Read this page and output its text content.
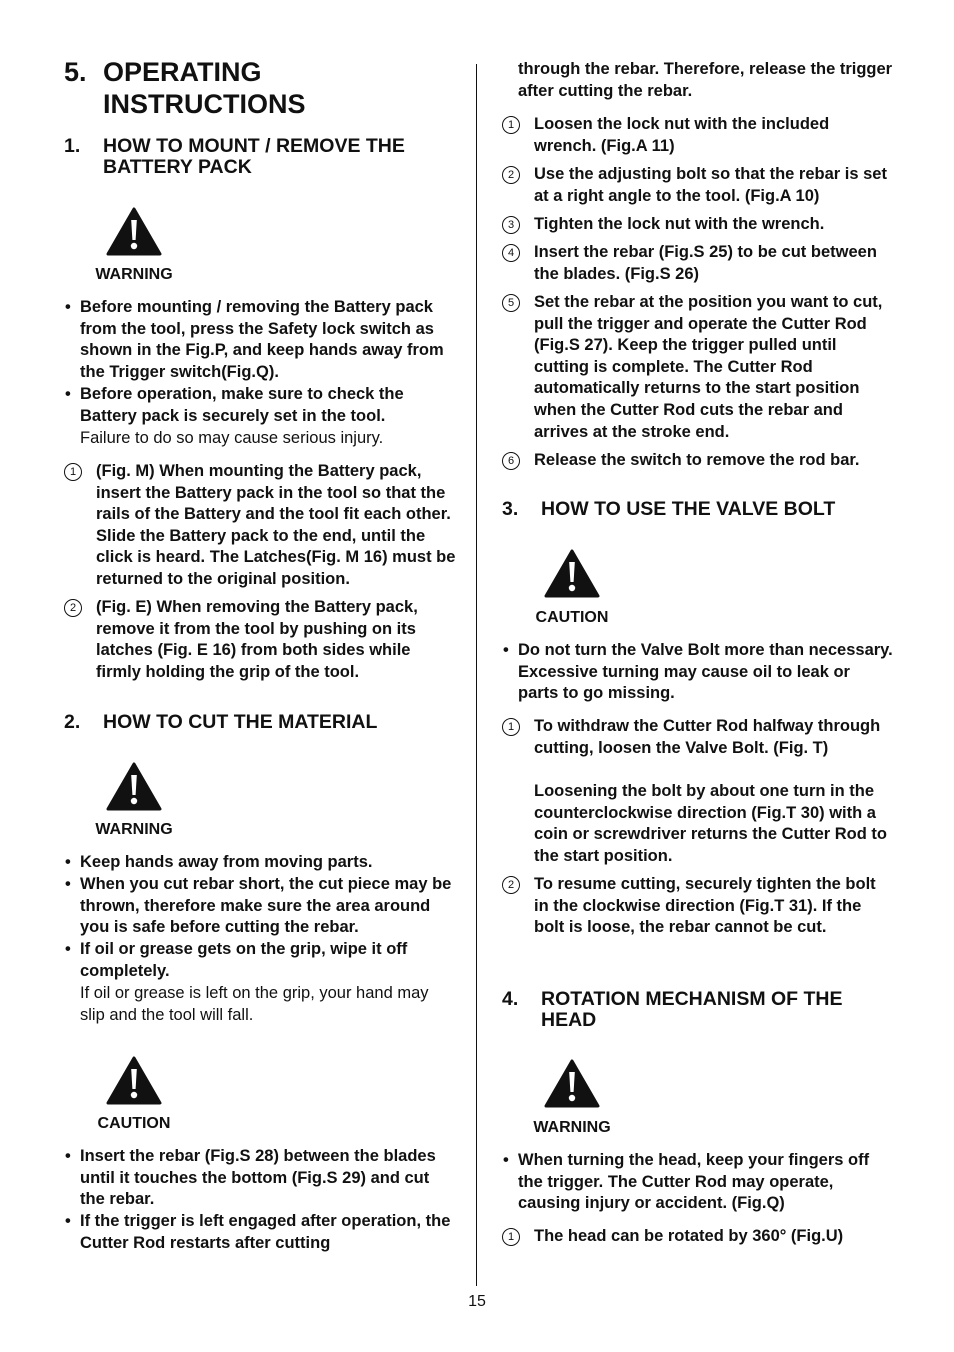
5. OPERATING
INSTRUCTIONS
1. HOW TO MOUNT / REMOVE THE BATTERY PACK
WARNING
• Before mounting / removing the Battery pack from the tool, press the Safety lock switch as shown in the Fig.P, and keep hands away from the Trigger switch(Fig.Q).
• Before operation, make sure to check the Battery pack is securely set in the tool.
Failure to do so may cause serious injury.
1	(Fig. M) When mounting the Battery pack, insert the Battery pack in the tool so that the rails of the Battery and the tool fit each other. Slide the Battery pack to the end, until the click is heard. The Latches(Fig. M 16) must be returned to the original position.
2	(Fig. E) When removing the Battery pack, remove it from the tool by pushing on its latches (Fig. E 16) from both sides while firmly holding the grip of the tool.
2. HOW TO CUT THE MATERIAL
WARNING
• Keep hands away from moving parts.
• When you cut rebar short, the cut piece may be thrown, therefore make sure the area around you is safe before cutting the rebar.
• If oil or grease gets on the grip, wipe it off completely.
If oil or grease is left on the grip, your hand may slip and the tool will fall.
CAUTION
• Insert the rebar (Fig.S 28) between the blades until it touches the bottom (Fig.S 29) and cut the rebar.
• If the trigger is left engaged after operation, the Cutter Rod restarts after cutting
through the rebar. Therefore, release the trigger after cutting the rebar.
1	Loosen the lock nut with the included wrench. (Fig.A 11)
2	Use the adjusting bolt so that the rebar is set at a right angle to the tool. (Fig.A 10)
3	Tighten the lock nut with the wrench.
4	Insert the rebar (Fig.S 25) to be cut between the blades. (Fig.S 26)
5	Set the rebar at the position you want to cut, pull the trigger and operate the Cutter Rod (Fig.S 27). Keep the trigger pulled until cutting is complete. The Cutter Rod automatically returns to the start position when the Cutter Rod cuts the rebar and arrives at the stroke end.
6	Release the switch to remove the rod bar.
3. HOW TO USE THE VALVE BOLT
CAUTION
• Do not turn the Valve Bolt more than necessary. Excessive turning may cause oil to leak or parts to go missing.
1	To withdraw the Cutter Rod halfway through cutting, loosen the Valve Bolt. (Fig. T)
Loosening the bolt by about one turn in the counterclockwise direction (Fig.T 30) with a coin or screwdriver returns the Cutter Rod to the start position.
2	To resume cutting, securely tighten the bolt in the clockwise direction (Fig.T 31). If the bolt is loose, the rebar cannot be cut.
4. ROTATION MECHANISM OF THE HEAD
WARNING
• When turning the head, keep your fingers off the trigger. The Cutter Rod may operate, causing injury or accident. (Fig.Q)
1	The head can be rotated by 360° (Fig.U)
15
